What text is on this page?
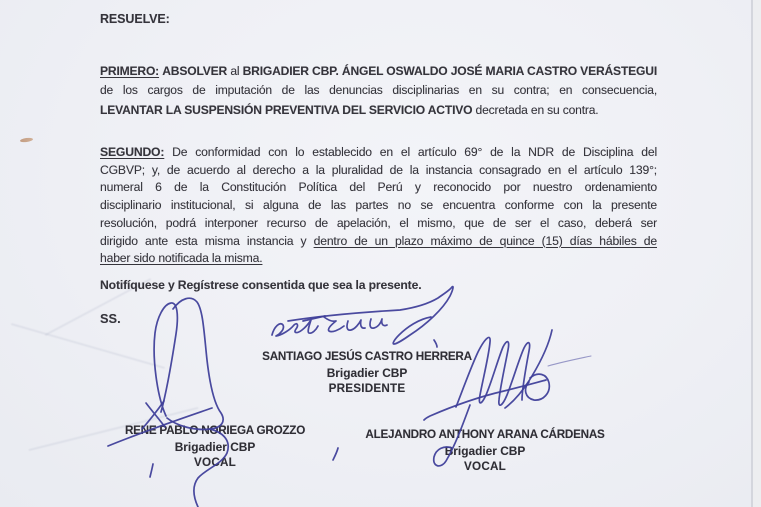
RESUELVE:
PRIMERO: ABSOLVER al BRIGADIER CBP. ÁNGEL OSWALDO JOSÉ MARIA CASTRO VERÁSTEGUI
de los cargos de imputación de las denuncias disciplinarias en su contra; en consecuencia,
LEVANTAR LA SUSPENSIÓN PREVENTIVA DEL SERVICIO ACTIVO decretada en su contra.
SEGUNDO: De conformidad con lo establecido en el artículo 69° de la NDR de Disciplina del
CGBVP; y, de acuerdo al derecho a la pluralidad de la instancia consagrado en el artículo 139°;
numeral 6 de la Constitución Política del Perú y reconocido por nuestro ordenamiento
disciplinario institucional, si alguna de las partes no se encuentra conforme con la presente
resolución, podrá interponer recurso de apelación, el mismo, que de ser el caso, deberá ser
dirigido ante esta misma instancia y dentro de un plazo máximo de quince (15) días hábiles de
haber sido notificada la misma.
Notifíquese y Regístrese consentida que sea la presente.
SS.
SANTIAGO JESÚS CASTRO HERRERA
Brigadier CBP
PRESIDENTE
RENE PABLO NORIEGA GROZZO
Brigadier CBP
VOCAL
ALEJANDRO ANTHONY ARANA CÁRDENAS
Brigadier CBP
VOCAL
